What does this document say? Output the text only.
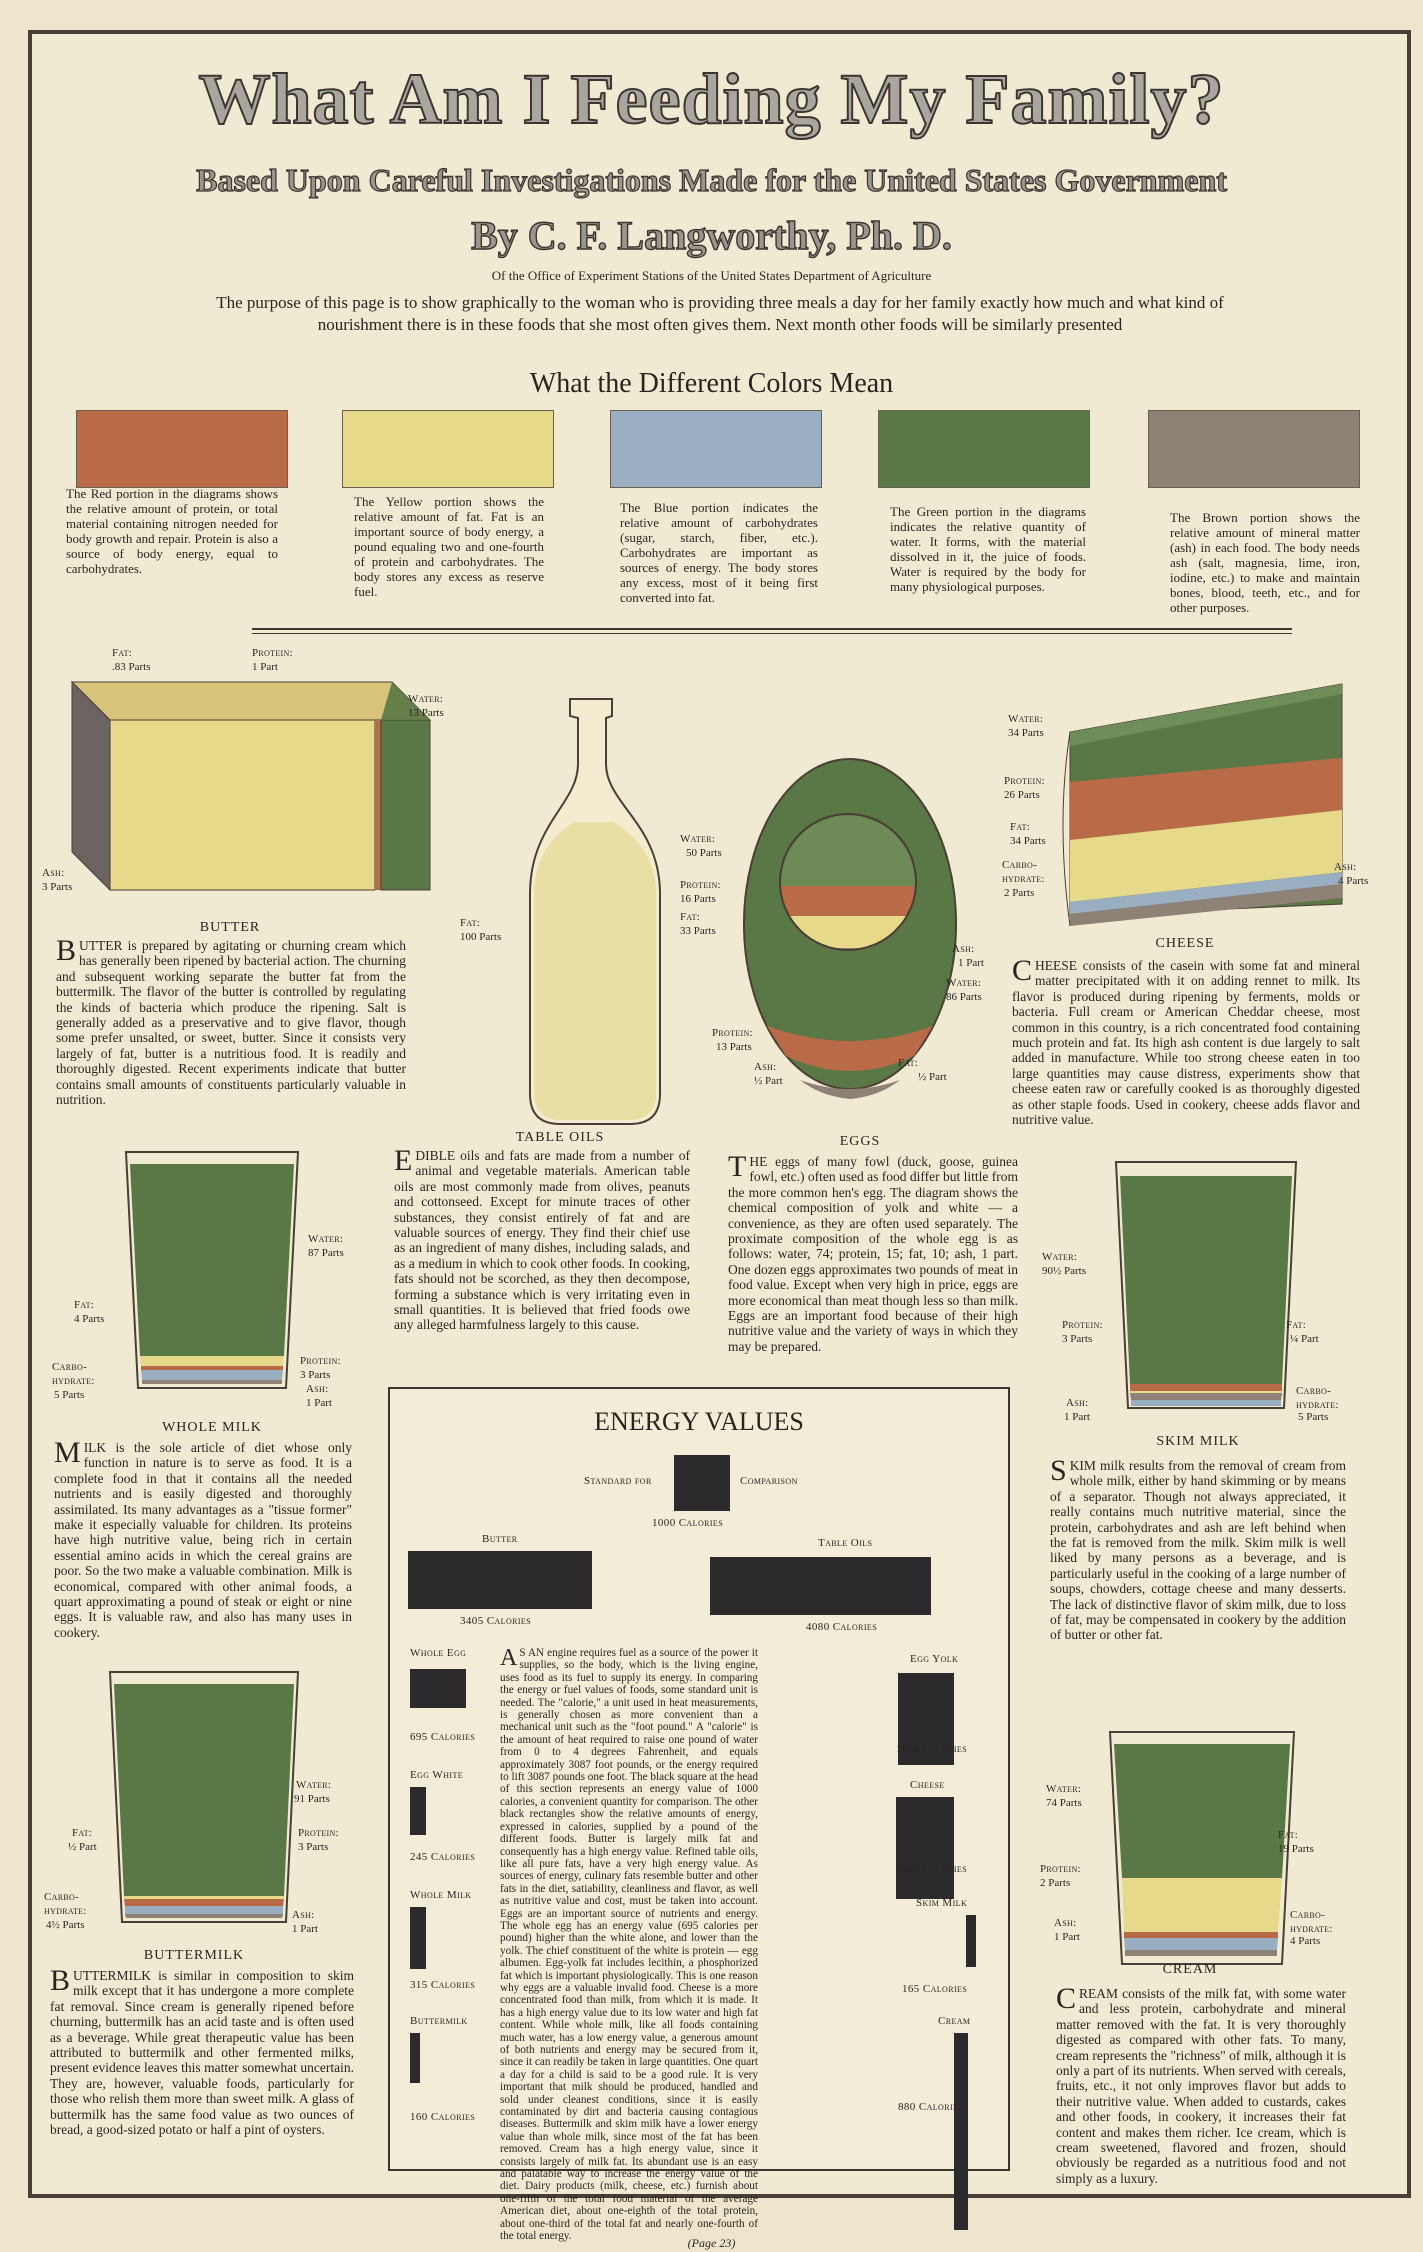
What Am I Feeding My Family?
Based Upon Careful Investigations Made for the United States Government
By C. F. Langworthy, Ph. D.
Of the Office of Experiment Stations of the United States Department of Agriculture
The purpose of this page is to show graphically to the woman who is providing three meals a day for her family exactly how much and what kind of nourishment there is in these foods that she most often gives them. Next month other foods will be similarly presented
What the Different Colors Mean
The Red portion in the diagrams shows the relative amount of protein, or total material containing nitrogen needed for body growth and repair. Protein is also a source of body energy, equal to carbohydrates.
The Yellow portion shows the relative amount of fat. Fat is an important source of body energy, a pound equaling two and one-fourth of protein and carbohydrates. The body stores any excess as reserve fuel.
The Blue portion indicates the relative amount of carbohydrates (sugar, starch, fiber, etc.). Carbohydrates are important as sources of energy. The body stores any excess, most of it being first converted into fat.
The Green portion in the diagrams indicates the relative quantity of water. It forms, with the material dissolved in it, the juice of foods. Water is required by the body for many physiological purposes.
The Brown portion shows the relative amount of mineral matter (ash) in each food. The body needs ash (salt, magnesia, lime, iron, iodine, etc.) to make and maintain bones, blood, teeth, etc., and for other purposes.
Fat:
.83 Parts
Protein:
1 Part
Water:
13 Parts
Ash:
3 Parts
BUTTER
BUTTER is prepared by agitating or churning cream which has generally been ripened by bacterial action. The churning and subsequent working separate the butter fat from the buttermilk. The flavor of the butter is controlled by regulating the kinds of bacteria which produce the ripening. Salt is generally added as a preservative and to give flavor, though some prefer unsalted, or sweet, butter. Since it consists very largely of fat, butter is a nutritious food. It is readily and thoroughly digested. Recent experiments indicate that butter contains small amounts of constituents particularly valuable in nutrition.
Fat:
100 Parts
TABLE OILS
EDIBLE oils and fats are made from a number of animal and vegetable materials. American table oils are most commonly made from olives, peanuts and cottonseed. Except for minute traces of other substances, they consist entirely of fat and are valuable sources of energy. They find their chief use as an ingredient of many dishes, including salads, and as a medium in which to cook other foods. In cooking, fats should not be scorched, as they then decompose, forming a substance which is very irritating even in small quantities. It is believed that fried foods owe any alleged harmfulness largely to this cause.
Water:
50 Parts
Protein:
16 Parts
Fat:
33 Parts
Ash:
1 Part
Water:
86 Parts
Protein:
13 Parts
Ash:
½ Part
Fat:
½ Part
EGGS
THE eggs of many fowl (duck, goose, guinea fowl, etc.) often used as food differ but little from the more common hen's egg. The diagram shows the chemical composition of yolk and white — a convenience, as they are often used separately. The proximate composition of the whole egg is as follows: water, 74; protein, 15; fat, 10; ash, 1 part. One dozen eggs approximates two pounds of meat in food value. Except when very high in price, eggs are more economical than meat though less so than milk. Eggs are an important food because of their high nutritive value and the variety of ways in which they may be prepared.
Water:
34 Parts
Protein:
26 Parts
Fat:
34 Parts
Carbo-hydrate:
2 Parts
Ash:
4 Parts
CHEESE
CHEESE consists of the casein with some fat and mineral matter precipitated with it on adding rennet to milk. Its flavor is produced during ripening by ferments, molds or bacteria. Full cream or American Cheddar cheese, most common in this country, is a rich concentrated food containing much protein and fat. Its high ash content is due largely to salt added in manufacture. While too strong cheese eaten in too large quantities may cause distress, experiments show that cheese eaten raw or carefully cooked is as thoroughly digested as other staple foods. Used in cookery, cheese adds flavor and nutritive value.
Water:
87 Parts
Fat:
4 Parts
Carbo-hydrate:
5 Parts
Protein:
3 Parts
Ash:
1 Part
WHOLE MILK
MILK is the sole article of diet whose only function in nature is to serve as food. It is a complete food in that it contains all the needed nutrients and is easily digested and thoroughly assimilated. Its many advantages as a "tissue former" make it especially valuable for children. Its proteins have high nutritive value, being rich in certain essential amino acids in which the cereal grains are poor. So the two make a valuable combination. Milk is economical, compared with other animal foods, a quart approximating a pound of steak or eight or nine eggs. It is valuable raw, and also has many uses in cookery.
Water:
91 Parts
Fat:
½ Part
Protein:
3 Parts
Carbo-hydrate:
4½ Parts
Ash:
1 Part
BUTTERMILK
BUTTERMILK is similar in composition to skim milk except that it has undergone a more complete fat removal. Since cream is generally ripened before churning, buttermilk has an acid taste and is often used as a beverage. While great therapeutic value has been attributed to buttermilk and other fermented milks, present evidence leaves this matter somewhat uncertain. They are, however, valuable foods, particularly for those who relish them more than sweet milk. A glass of buttermilk has the same food value as two ounces of bread, a good-sized potato or half a pint of oysters.
Water:
90½ Parts
Protein:
3 Parts
Fat:
¼ Part
Ash:
1 Part
Carbo-hydrate:
5 Parts
SKIM MILK
SKIM milk results from the removal of cream from whole milk, either by hand skimming or by means of a separator. Though not always appreciated, it really contains much nutritive material, since the protein, carbohydrates and ash are left behind when the fat is removed from the milk. Skim milk is well liked by many persons as a beverage, and is particularly useful in the cooking of a large number of soups, chowders, cottage cheese and many desserts. The lack of distinctive flavor of skim milk, due to loss of fat, may be compensated in cookery by the addition of butter or other fat.
Water:
74 Parts
Fat:
19 Parts
Protein:
2 Parts
Ash:
1 Part
Carbo-hydrate:
4 Parts
CREAM
CREAM consists of the milk fat, with some water and less protein, carbohydrate and mineral matter removed with the fat. It is very thoroughly digested as compared with other fats. To many, cream represents the "richness" of milk, although it is only a part of its nutrients. When served with cereals, fruits, etc., it not only improves flavor but adds to their nutritive value. When added to custards, cakes and other foods, in cookery, it increases their fat content and makes them richer. Ice cream, which is cream sweetened, flavored and frozen, should obviously be regarded as a nutritious food and not simply as a luxury.
ENERGY VALUES
Standard for	Comparison
1000 Calories
Butter
3405 Calories
Table Oils
4080 Calories
Whole Egg
695 Calories
Egg White
245 Calories
Whole Milk
315 Calories
Buttermilk
160 Calories
Egg Yolk
1650 Calories
Cheese
1885 Calories
Skim Milk
165 Calories
Cream
880 Calories
A S AN engine requires fuel as a source of the power it supplies, so the body, which is the living engine, uses food as its fuel to supply its energy. In comparing the energy or fuel values of foods, some standard unit is needed. The "calorie," a unit used in heat measurements, is generally chosen as more convenient than a mechanical unit such as the "foot pound." A "calorie" is the amount of heat required to raise one pound of water from 0 to 4 degrees Fahrenheit, and equals approximately 3087 foot pounds, or the energy required to lift 3087 pounds one foot. The black square at the head of this section represents an energy value of 1000 calories, a convenient quantity for comparison. The other black rectangles show the relative amounts of energy, expressed in calories, supplied by a pound of the different foods. Butter is largely milk fat and consequently has a high energy value. Refined table oils, like all pure fats, have a very high energy value. As sources of energy, culinary fats resemble butter and other fats in the diet, satiability, cleanliness and flavor, as well as nutritive value and cost, must be taken into account. Eggs are an important source of nutrients and energy. The whole egg has an energy value (695 calories per pound) higher than the white alone, and lower than the yolk. The chief constituent of the white is protein — egg albumen. Egg-yolk fat includes lecithin, a phosphorized fat which is important physiologically. This is one reason why eggs are a valuable invalid food. Cheese is a more concentrated food than milk, from which it is made. It has a high energy value due to its low water and high fat content. While whole milk, like all foods containing much water, has a low energy value, a generous amount of both nutrients and energy may be secured from it, since it can readily be taken in large quantities. One quart a day for a child is said to be a good rule. It is very important that milk should be produced, handled and sold under cleanest conditions, since it is easily contaminated by dirt and bacteria causing contagious diseases. Buttermilk and skim milk have a lower energy value than whole milk, since most of the fat has been removed. Cream has a high energy value, since it consists largely of milk fat. Its abundant use is an easy and palatable way to increase the energy value of the diet. Dairy products (milk, cheese, etc.) furnish about one-fifth of the total food material of the average American diet, about one-eighth of the total protein, about one-third of the total fat and nearly one-fourth of the total energy.	(Page 23)
